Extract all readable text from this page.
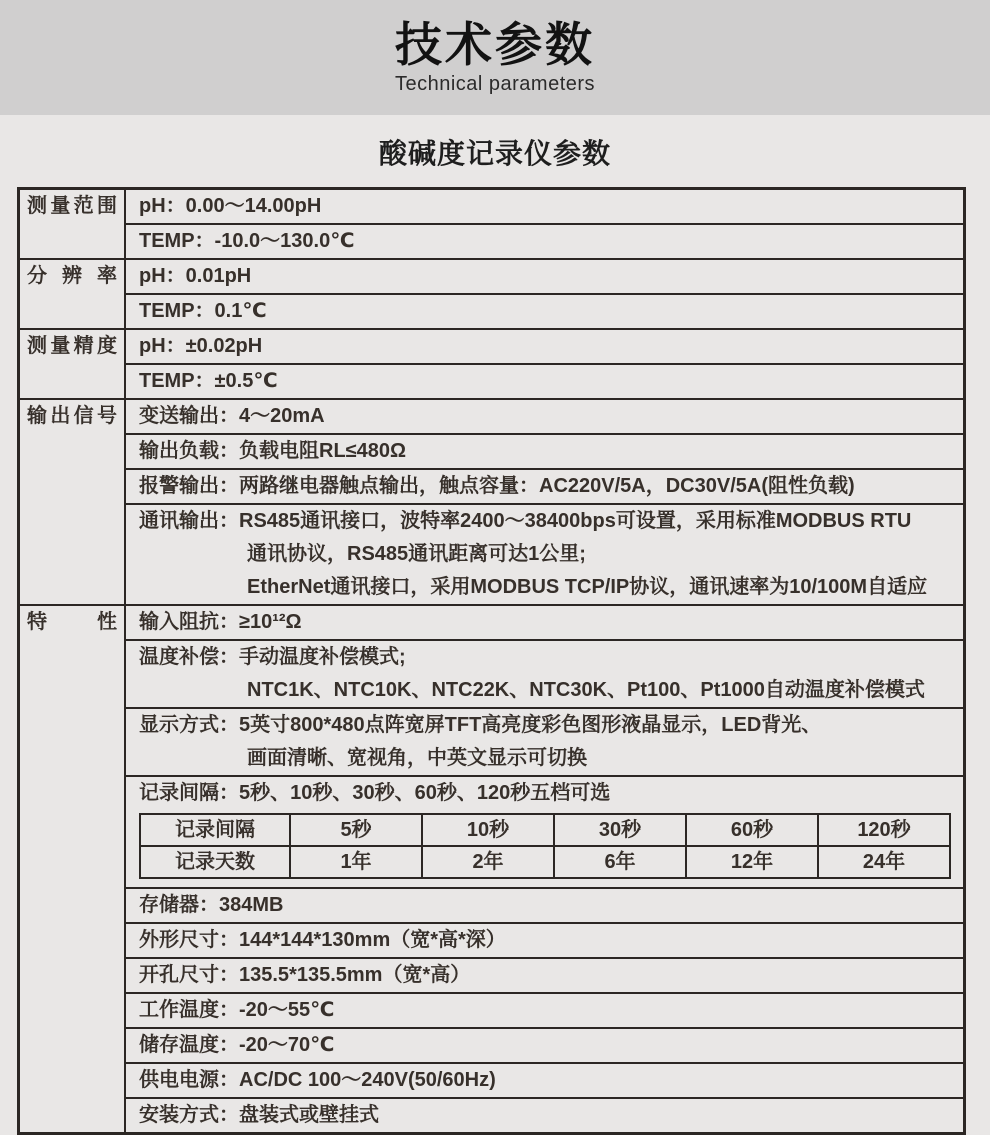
技术参数
Technical parameters
酸碱度记录仪参数
测量范围	pH：0.00～14.00pH

TEMP：-10.0～130.0℃

分 辨 率	pH：0.01pH

TEMP：0.1℃

测量精度	pH：±0.02pH

TEMP：±0.5℃

输出信号	变送输出：4～20mA

输出负载：负载电阻RL≤480Ω

报警输出：两路继电器触点输出，触点容量：AC220V/5A，DC30V/5A(阻性负载)

通讯输出：RS485通讯接口，波特率2400～38400bps可设置，采用标准MODBUS RTU
通讯协议，RS485通讯距离可达1公里;
EtherNet通讯接口，采用MODBUS TCP/IP协议，通讯速率为10/100M自适应

特 性	输入阻抗：≥10¹²Ω

温度补偿：手动温度补偿模式;
NTC1K、NTC10K、NTC22K、NTC30K、Pt100、Pt1000自动温度补偿模式

显示方式：5英寸800*480点阵宽屏TFT高亮度彩色图形液晶显示，LED背光、
画面清晰、宽视角，中英文显示可切换

记录间隔：5秒、10秒、30秒、60秒、120秒五档可选
记录间隔	5秒	10秒	30秒	60秒	120秒
记录天数	1年	2年	6年	12年	24年

存储器：384MB

外形尺寸：144*144*130mm（宽*高*深）

开孔尺寸：135.5*135.5mm（宽*高）

工作温度：-20～55℃

储存温度：-20～70℃

供电电源：AC/DC 100～240V(50/60Hz)

安装方式：盘装式或壁挂式
